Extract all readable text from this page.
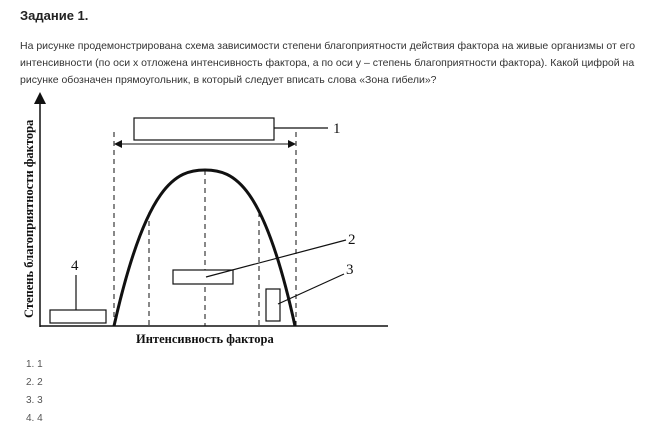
Задание 1.
На рисунке продемонстрирована схема зависимости степени благоприятности действия фактора на живые организмы от его интенсивности (по оси х отложена интенсивность фактора, а по оси y – степень благоприятности фактора). Какой цифрой на рисунке обозначен прямоугольник, в который следует вписать слова «Зона гибели»?
1
2
3
4
Степень благоприятности фактора
Интенсивность фактора
1. 1
2. 2
3. 3
4. 4
